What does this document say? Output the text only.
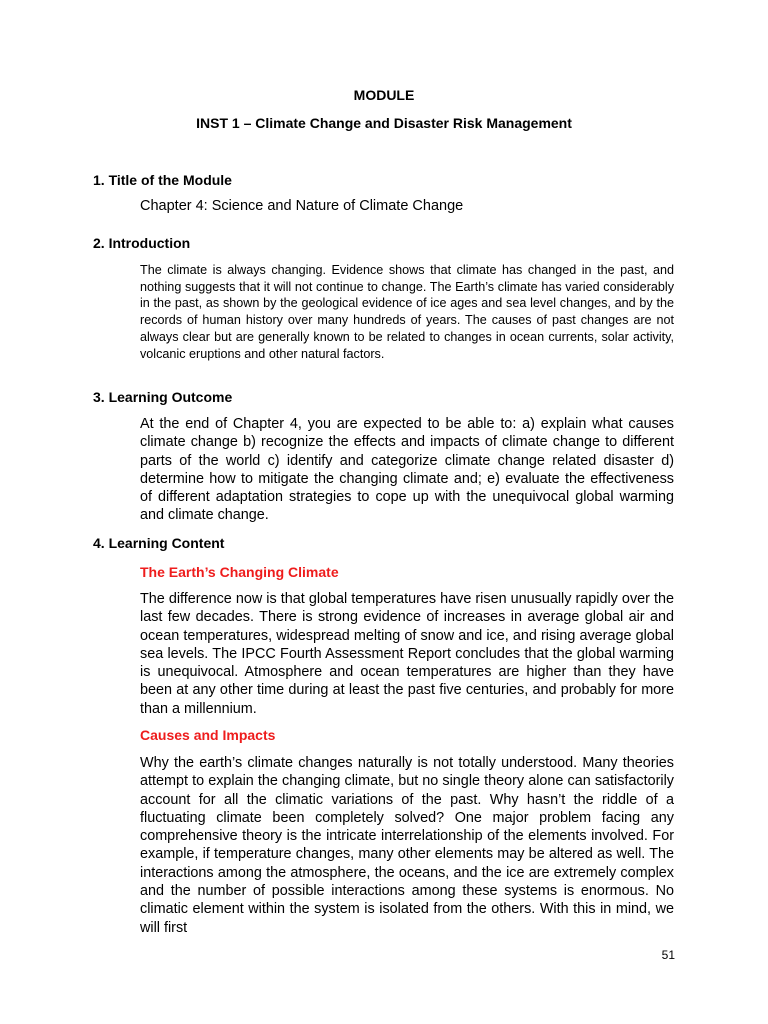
MODULE

INST 1 – Climate Change and Disaster Risk Management

1. Title of the Module

Chapter 4: Science and Nature of Climate Change

2. Introduction

The climate is always changing. Evidence shows that climate has changed in the past, and nothing suggests that it will not continue to change. The Earth’s climate has varied considerably in the past, as shown by the geological evidence of ice ages and sea level changes, and by the records of human history over many hundreds of years. The causes of past changes are not always clear but are generally known to be related to changes in ocean currents, solar activity, volcanic eruptions and other natural factors.

3. Learning Outcome

At the end of Chapter 4, you are expected to be able to: a) explain what causes climate change b) recognize the effects and impacts of climate change to different parts of the world c) identify and categorize climate change related disaster d) determine how to mitigate the changing climate and; e) evaluate the effectiveness of different adaptation strategies to cope up with the unequivocal global warming and climate change.

4. Learning Content

The Earth’s Changing Climate

The difference now is that global temperatures have risen unusually rapidly over the last few decades. There is strong evidence of increases in average global air and ocean temperatures, widespread melting of snow and ice, and rising average global sea levels. The IPCC Fourth Assessment Report concludes that the global warming is unequivocal. Atmosphere and ocean temperatures are higher than they have been at any other time during at least the past five centuries, and probably for more than a millennium.

Causes and Impacts

Why the earth’s climate changes naturally is not totally understood. Many theories attempt to explain the changing climate, but no single theory alone can satisfactorily account for all the climatic variations of the past. Why hasn’t the riddle of a fluctuating climate been completely solved? One major problem facing any comprehensive theory is the intricate interrelationship of the elements involved. For example, if temperature changes, many other elements may be altered as well. The interactions among the atmosphere, the oceans, and the ice are extremely complex and the number of possible interactions among these systems is enormous. No climatic element within the system is isolated from the others. With this in mind, we will first

51
